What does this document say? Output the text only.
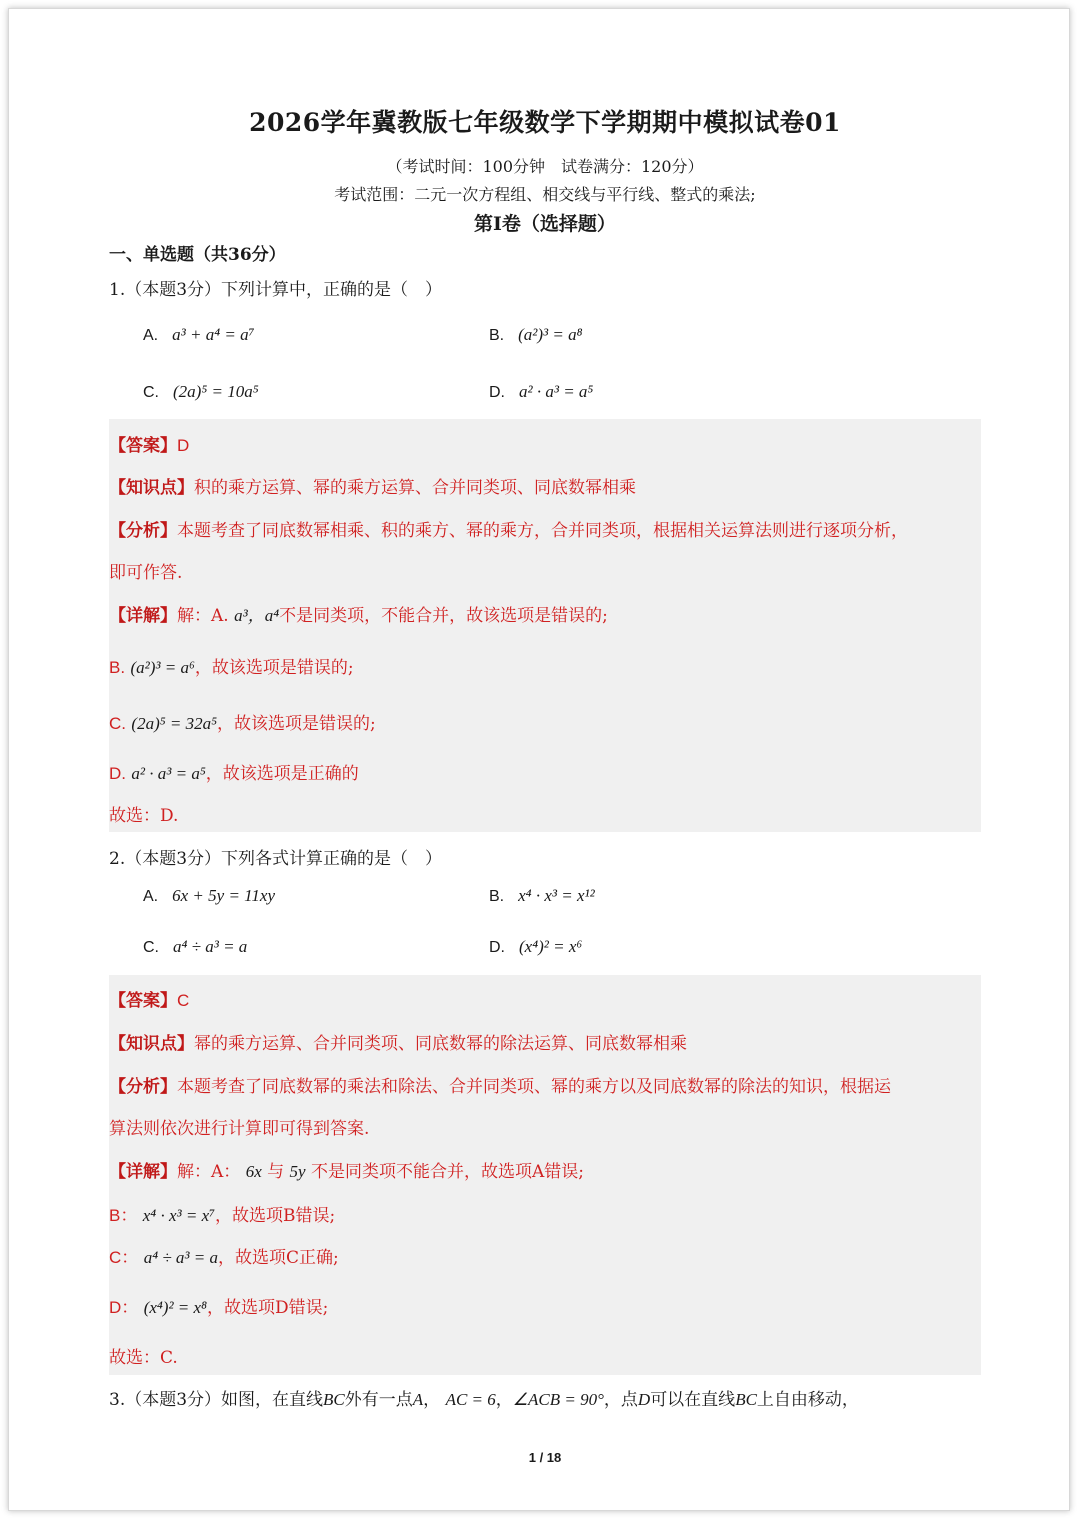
2026学年冀教版七年级数学下学期期中模拟试卷01
（考试时间：100分钟　试卷满分：120分）
考试范围：二元一次方程组、相交线与平行线、整式的乘法;
第I卷（选择题）
一、单选题（共36分）
1.（本题3分）下列计算中，正确的是（　）
A. a³ + a⁴ = a⁷	B. (a²)³ = a⁸
C. (2a)⁵ = 10a⁵	D. a² · a³ = a⁵
【答案】D
【知识点】积的乘方运算、幂的乘方运算、合并同类项、同底数幂相乘
【分析】本题考查了同底数幂相乘、积的乘方、幂的乘方，合并同类项，根据相关运算法则进行逐项分析，
即可作答.
【详解】解：A. a³，a⁴不是同类项，不能合并，故该选项是错误的;
B. (a²)³ = a⁶，故该选项是错误的;
C. (2a)⁵ = 32a⁵，故该选项是错误的;
D. a² · a³ = a⁵，故该选项是正确的
故选：D.
2.（本题3分）下列各式计算正确的是（　）
A. 6x + 5y = 11xy	B. x⁴ · x³ = x¹²
C. a⁴ ÷ a³ = a	D. (x⁴)² = x⁶
【答案】C
【知识点】幂的乘方运算、合并同类项、同底数幂的除法运算、同底数幂相乘
【分析】本题考查了同底数幂的乘法和除法、合并同类项、幂的乘方以及同底数幂的除法的知识，根据运
算法则依次进行计算即可得到答案.
【详解】解：A： 6x 与 5y 不是同类项不能合并，故选项A错误;
B： x⁴ · x³ = x⁷，故选项B错误;
C： a⁴ ÷ a³ = a，故选项C正确;
D： (x⁴)² = x⁸，故选项D错误;
故选：C.
3.（本题3分）如图，在直线BC外有一点A， AC = 6，∠ACB = 90°，点D可以在直线BC上自由移动，
1 / 18
